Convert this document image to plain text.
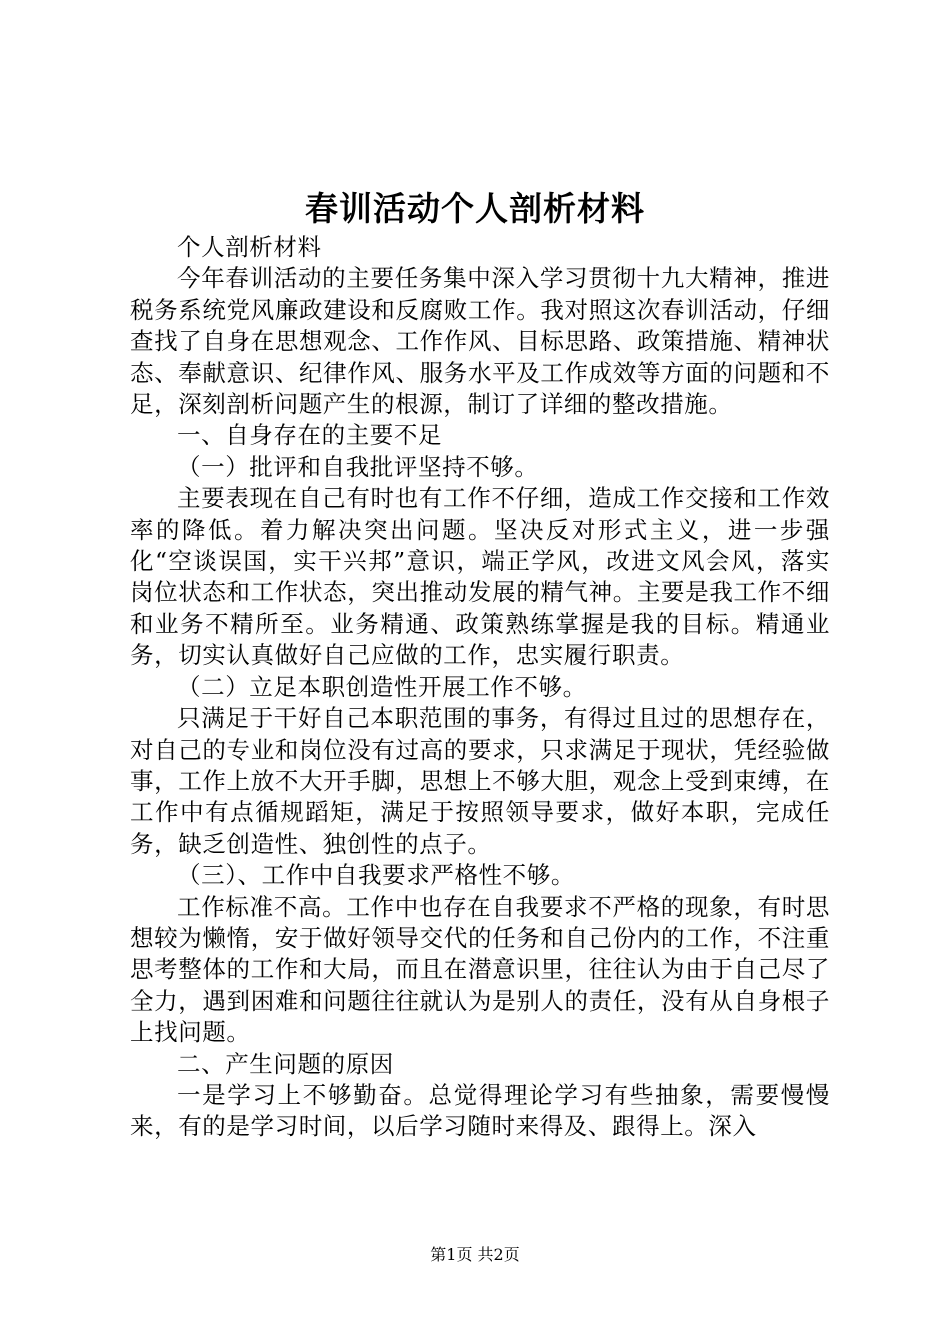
春训活动个人剖析材料

个人剖析材料

今年春训活动的主要任务集中深入学习贯彻十九大精神，推进税务系统党风廉政建设和反腐败工作。我对照这次春训活动，仔细查找了自身在思想观念、工作作风、目标思路、政策措施、精神状态、奉献意识、纪律作风、服务水平及工作成效等方面的问题和不足，深刻剖析问题产生的根源，制订了详细的整改措施。

一、自身存在的主要不足

（一）批评和自我批评坚持不够。

主要表现在自己有时也有工作不仔细，造成工作交接和工作效率的降低。着力解决突出问题。坚决反对形式主义，进一步强化“空谈误国，实干兴邦”意识，端正学风，改进文风会风，落实岗位状态和工作状态，突出推动发展的精气神。主要是我工作不细和业务不精所至。业务精通、政策熟练掌握是我的目标。精通业务，切实认真做好自己应做的工作，忠实履行职责。

（二）立足本职创造性开展工作不够。

只满足于干好自己本职范围的事务，有得过且过的思想存在，对自己的专业和岗位没有过高的要求，只求满足于现状，凭经验做事，工作上放不大开手脚，思想上不够大胆，观念上受到束缚，在工作中有点循规蹈矩，满足于按照领导要求，做好本职，完成任务，缺乏创造性、独创性的点子。

（三）、工作中自我要求严格性不够。

工作标准不高。工作中也存在自我要求不严格的现象，有时思想较为懒惰，安于做好领导交代的任务和自己份内的工作，不注重思考整体的工作和大局，而且在潜意识里，往往认为由于自己尽了全力，遇到困难和问题往往就认为是别人的责任，没有从自身根子上找问题。

二、产生问题的原因

一是学习上不够勤奋。总觉得理论学习有些抽象，需要慢慢来，有的是学习时间，以后学习随时来得及、跟得上。深入

第1页 共2页
